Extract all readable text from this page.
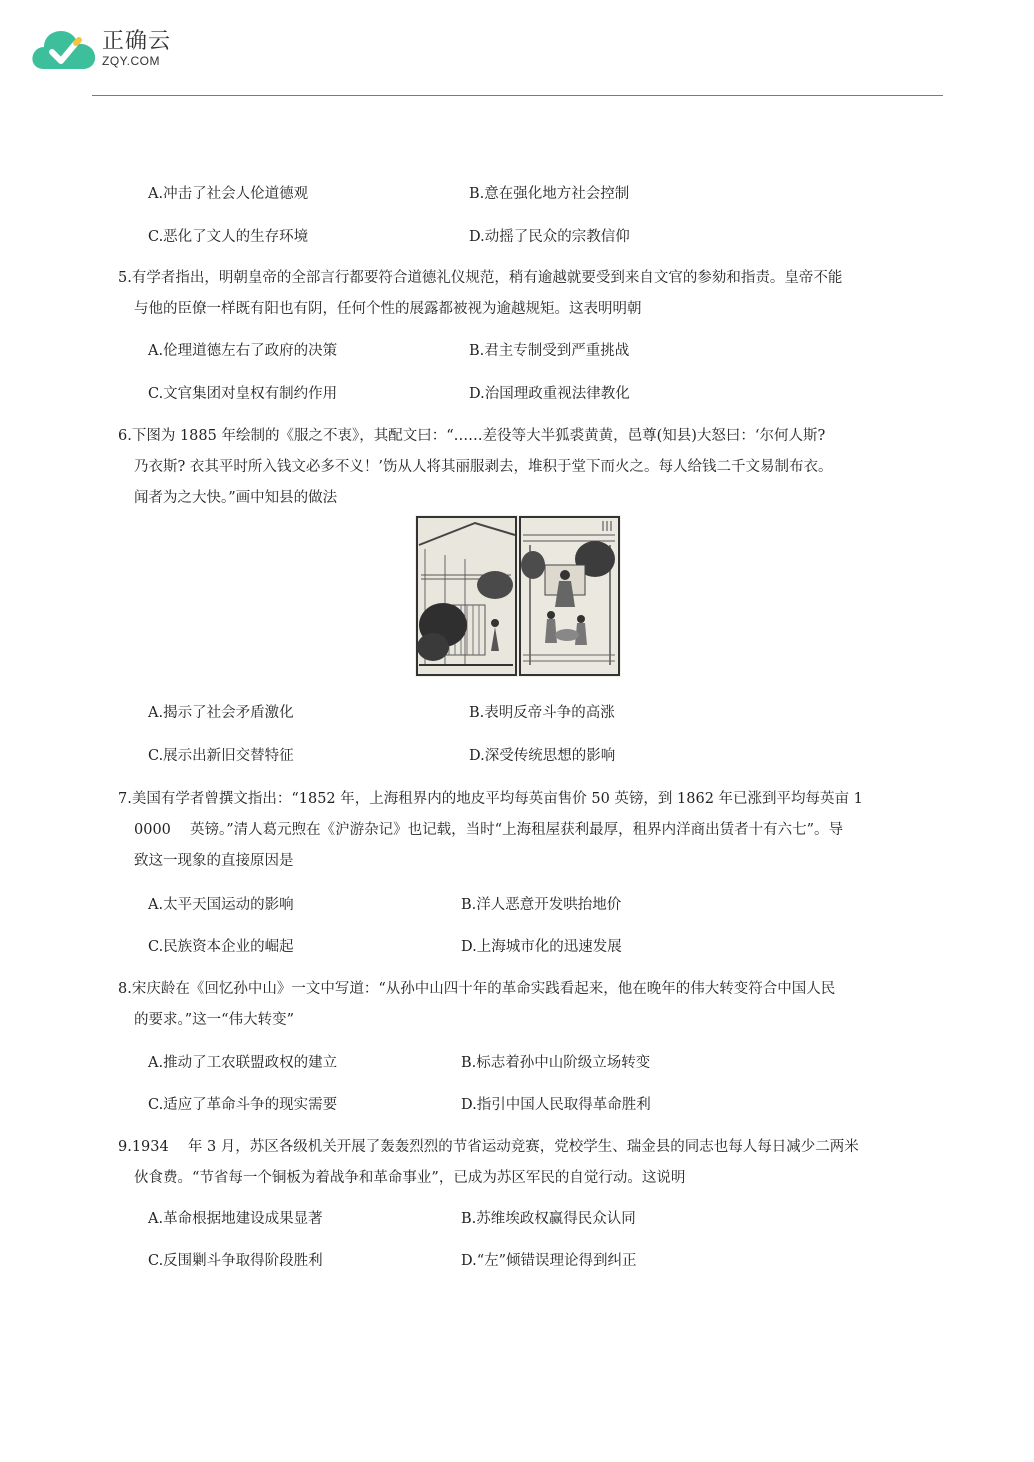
正确云
ZQY.COM
A.冲击了社会人伦道德观	B.意在强化地方社会控制
C.恶化了文人的生存环境	D.动摇了民众的宗教信仰
5.有学者指出，明朝皇帝的全部言行都要符合道德礼仪规范，稍有逾越就要受到来自文官的参劾和指责。皇帝不能
与他的臣僚一样既有阳也有阴，任何个性的展露都被视为逾越规矩。这表明明朝
A.伦理道德左右了政府的决策	B.君主专制受到严重挑战
C.文官集团对皇权有制约作用	D.治国理政重视法律教化
6.下图为 1885 年绘制的《服之不衷》，其配文曰：“……差役等大半狐裘黄黄，邑尊(知县)大怒曰：‘尔何人斯?
乃衣斯? 衣其平时所入钱文必多不义！’饬从人将其丽服剥去，堆积于堂下而火之。每人给钱二千文易制布衣。
闻者为之大快。”画中知县的做法
A.揭示了社会矛盾激化	B.表明反帝斗争的高涨
C.展示出新旧交替特征	D.深受传统思想的影响
7.美国有学者曾撰文指出：“1852 年，上海租界内的地皮平均每英亩售价 50 英镑，到 1862 年已涨到平均每英亩 1
0000　 英镑。”清人葛元煦在《沪游杂记》也记载，当时“上海租屋获利最厚，租界内洋商出赁者十有六七”。导
致这一现象的直接原因是
A.太平天国运动的影响	B.洋人恶意开发哄抬地价
C.民族资本企业的崛起	D.上海城市化的迅速发展
8.宋庆龄在《回忆孙中山》一文中写道：“从孙中山四十年的革命实践看起来，他在晚年的伟大转变符合中国人民
的要求。”这一“伟大转变”
A.推动了工农联盟政权的建立	B.标志着孙中山阶级立场转变
C.适应了革命斗争的现实需要	D.指引中国人民取得革命胜利
9.1934　 年 3 月，苏区各级机关开展了轰轰烈烈的节省运动竞赛，党校学生、瑞金县的同志也每人每日减少二两米
伙食费。“节省每一个铜板为着战争和革命事业”，已成为苏区军民的自觉行动。这说明
A.革命根据地建设成果显著	B.苏维埃政权赢得民众认同
C.反围剿斗争取得阶段胜利	D.“左”倾错误理论得到纠正
